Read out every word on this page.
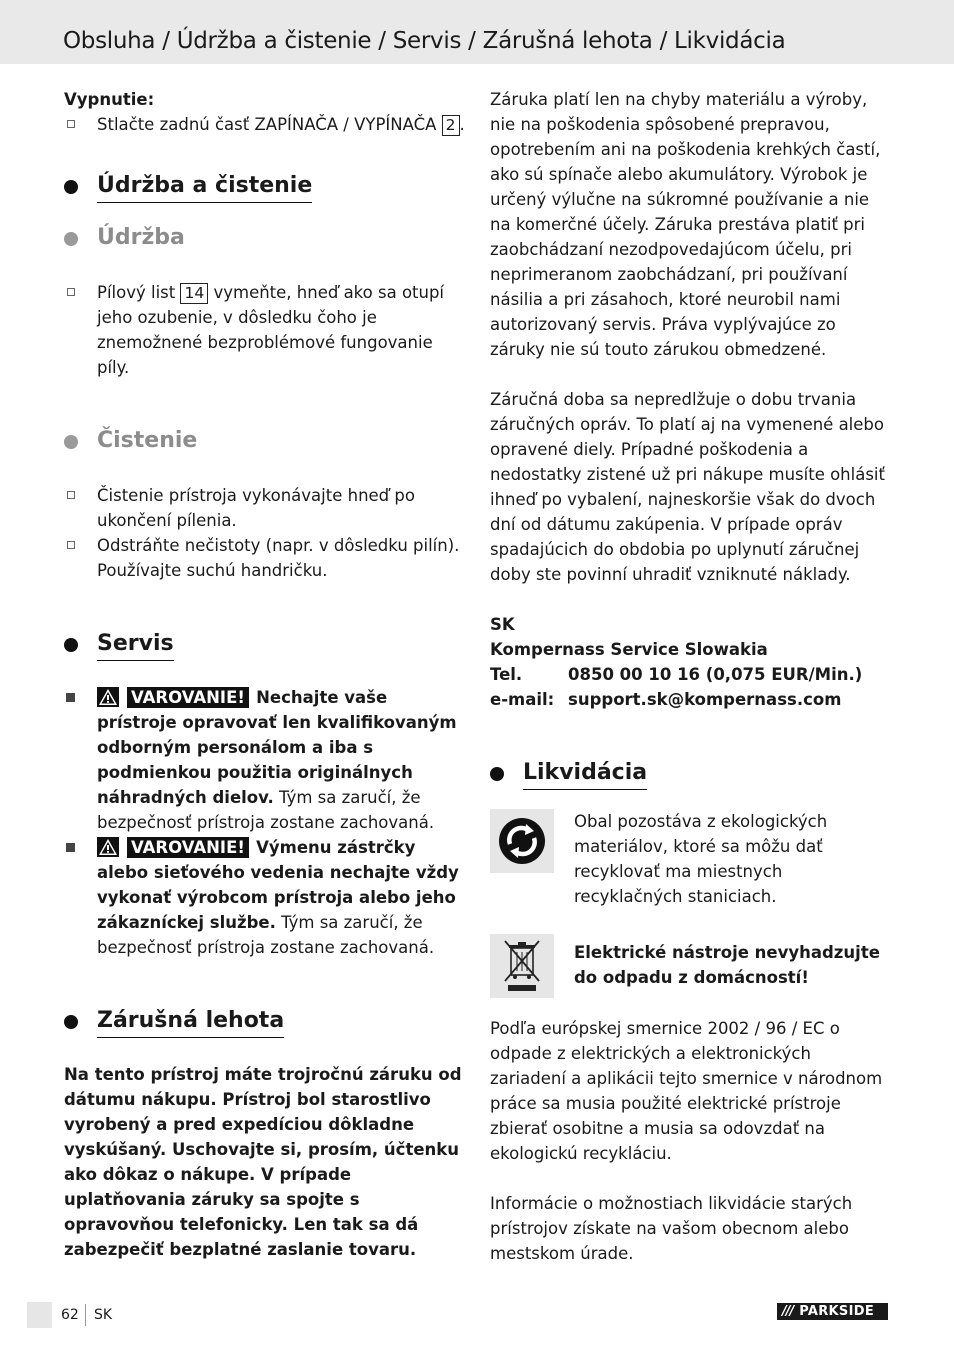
Obsluha / Údržba a čistenie / Servis / Zárušná lehota / Likvidácia

Vypnutie:

Stlačte zadnú časť ZAPÍNAČA / VYPÍNAČA 2 .
Údržba a čistenie
Údržba
Pílový list 14 vymeňte, hneď ako sa otupí jeho ozubenie, v dôsledku čoho je znemožnené bezproblémové fungovanie píly.
Čistenie
Čistenie prístroja vykonávajte hneď po ukončení pílenia.
Odstráňte nečistoty (napr. v dôsledku pilín). Používajte suchú handričku.
Servis
VAROVANIE! Nechajte vaše prístroje opravovať len kvalifikovaným odborným personálom a iba s podmienkou použitia originálnych náhradných dielov. Tým sa zaručí, že bezpečnosť prístroja zostane zachovaná.
VAROVANIE! Výmenu zástrčky alebo sieťového vedenia nechajte vždy vykonať výrobcom prístroja alebo jeho zákazníckej službe. Tým sa zaručí, že bezpečnosť prístroja zostane zachovaná.
Zárušná lehota

Na tento prístroj máte trojročnú záruku od dátumu nákupu. Prístroj bol starostlivo vyrobený a pred expedíciou dôkladne vyskúšaný. Uschovajte si, prosím, účtenku ako dôkaz o nákupe. V prípade uplatňovania záruky sa spojte s opravovňou telefonicky. Len tak sa dá zabezpečiť bezplatné zaslanie tovaru.

Záruka platí len na chyby materiálu a výroby, nie na poškodenia spôsobené prepravou, opotrebením ani na poškodenia krehkých častí, ako sú spínače alebo akumulátory. Výrobok je určený výlučne na súkromné používanie a nie na komerčné účely. Záruka prestáva platiť pri zaobchádzaní nezodpovedajúcom účelu, pri neprimeranom zaobchádzaní, pri používaní násilia a pri zásahoch, ktoré neurobil nami autorizovaný servis. Práva vyplývajúce zo záruky nie sú touto zárukou obmedzené.

Záručná doba sa nepredlžuje o dobu trvania záručných opráv. To platí aj na vymenené alebo opravené diely. Prípadné poškodenia a nedostatky zistené už pri nákupe musíte ohlásiť ihneď po vybalení, najneskoršie však do dvoch dní od dátumu zakúpenia. V prípade opráv spadajúcich do obdobia po uplynutí záručnej doby ste povinní uhradiť vzniknuté náklady.

SK

Kompernass Service Slowakia

Tel.	0850 00 10 16 (0,075 EUR/Min.)
e-mail: support.sk@kompernass.com
Likvidácia

Obal pozostáva z ekologických materiálov, ktoré sa môžu dať recyklovať ma miestnych recyklačných staniciach.

Elektrické nástroje nevyhadzujte do odpadu z domácností!

Podľa európskej smernice 2002 / 96 / EC o odpade z elektrických a elektronických zariadení a aplikácii tejto smernice v národnom práce sa musia použité elektrické prístroje zbierať osobitne a musia sa odovzdať na ekologickú recykláciu.

Informácie o možnostiach likvidácie starých prístrojov získate na vašom obecnom alebo mestskom úrade.

62 SK	/// PARKSIDE
